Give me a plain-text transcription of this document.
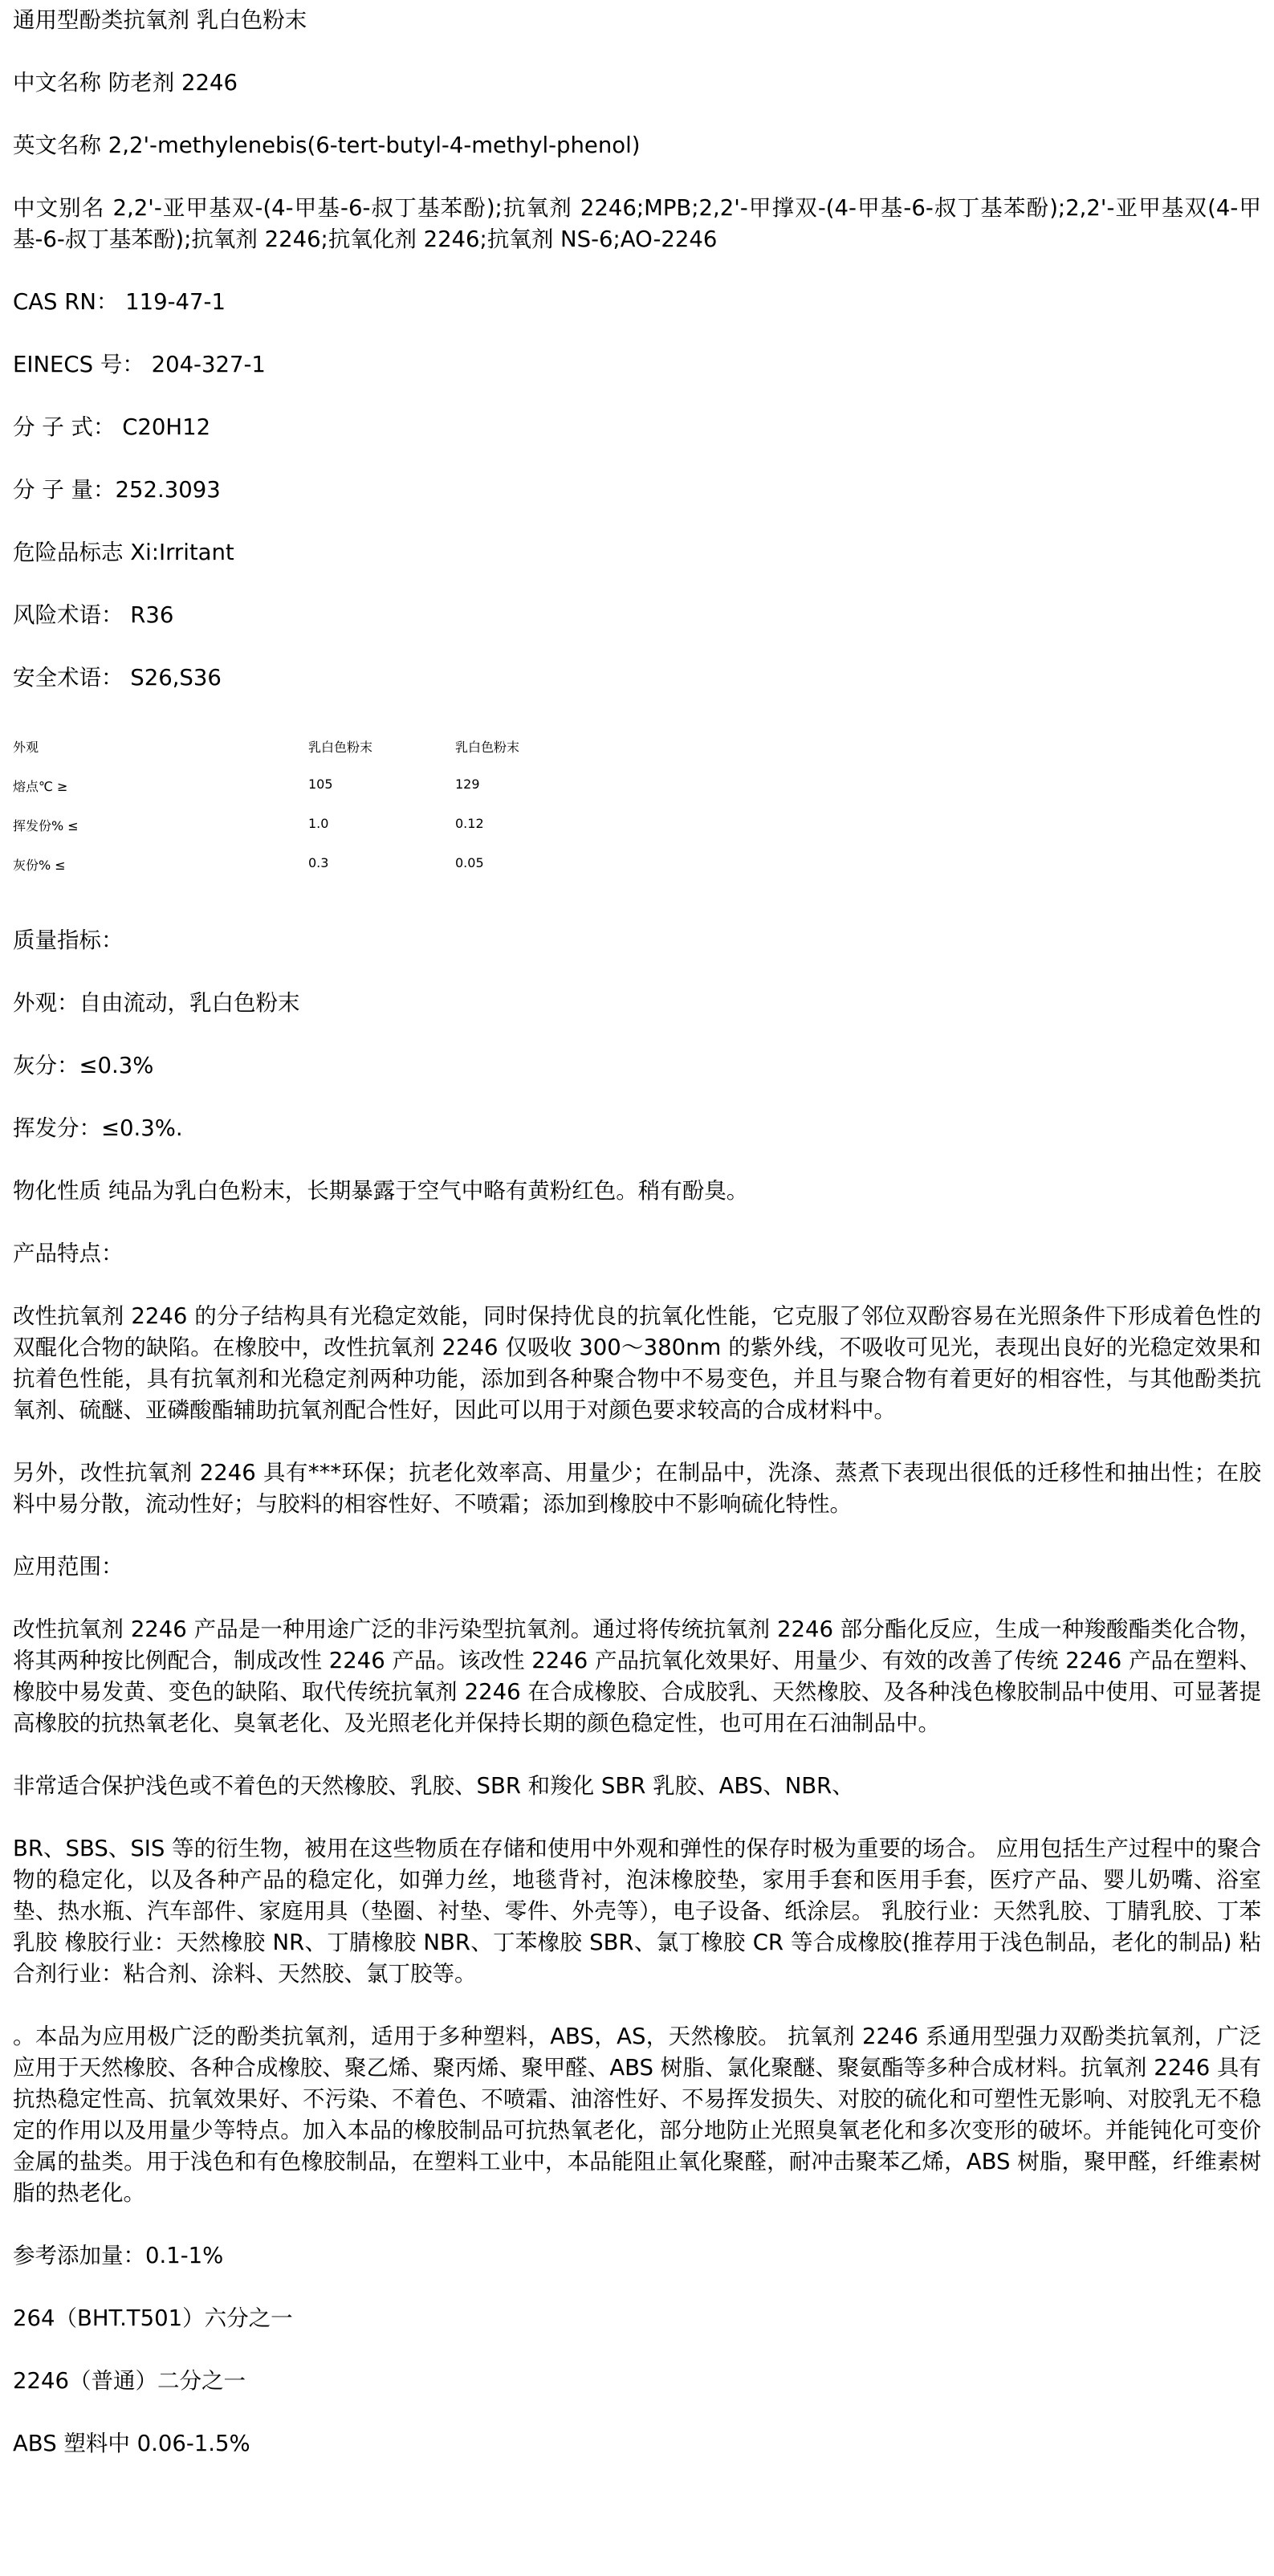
通用型酚类抗氧剂 乳白色粉末

中文名称 防老剂 2246

英文名称 2,2'-methylenebis(6-tert-butyl-4-methyl-phenol)

中文别名 2,2'-亚甲基双-(4-甲基-6-叔丁基苯酚);抗氧剂 2246;MPB;2,2'-甲撑双-(4-甲基-6-叔丁基苯酚);2,2'-亚甲基双(4-甲基-6-叔丁基苯酚);抗氧剂 2246;抗氧化剂 2246;抗氧剂 NS-6;AO-2246

CAS RN： 119-47-1

EINECS 号： 204-327-1

分 子 式： C20H12

分 子 量：252.3093

危险品标志 Xi:Irritant

风险术语： R36

安全术语： S26,S36

外观	乳白色粉末	乳白色粉末
熔点℃ ≥	105	129
挥发份% ≤	1.0	0.12
灰份% ≤	0.3	0.05

质量指标：

外观：自由流动，乳白色粉末

灰分：≤0.3%

挥发分：≤0.3%.

物化性质 纯品为乳白色粉末，长期暴露于空气中略有黄粉红色。稍有酚臭。

产品特点：

改性抗氧剂 2246 的分子结构具有光稳定效能，同时保持优良的抗氧化性能，它克服了邻位双酚容易在光照条件下形成着色性的双醌化合物的缺陷。在橡胶中，改性抗氧剂 2246 仅吸收 300～380nm 的紫外线，不吸收可见光，表现出良好的光稳定效果和抗着色性能，具有抗氧剂和光稳定剂两种功能，添加到各种聚合物中不易变色，并且与聚合物有着更好的相容性，与其他酚类抗氧剂、硫醚、亚磷酸酯辅助抗氧剂配合性好，因此可以用于对颜色要求较高的合成材料中。

另外，改性抗氧剂 2246 具有***环保；抗老化效率高、用量少；在制品中，洗涤、蒸煮下表现出很低的迁移性和抽出性；在胶料中易分散，流动性好；与胶料的相容性好、不喷霜；添加到橡胶中不影响硫化特性。

应用范围：

改性抗氧剂 2246 产品是一种用途广泛的非污染型抗氧剂。通过将传统抗氧剂 2246 部分酯化反应，生成一种羧酸酯类化合物，将其两种按比例配合，制成改性 2246 产品。该改性 2246 产品抗氧化效果好、用量少、有效的改善了传统 2246 产品在塑料、橡胶中易发黄、变色的缺陷、取代传统抗氧剂 2246 在合成橡胶、合成胶乳、天然橡胶、及各种浅色橡胶制品中使用、可显著提高橡胶的抗热氧老化、臭氧老化、及光照老化并保持长期的颜色稳定性，也可用在石油制品中。

非常适合保护浅色或不着色的天然橡胶、乳胶、SBR 和羧化 SBR 乳胶、ABS、NBR、

BR、SBS、SIS 等的衍生物，被用在这些物质在存储和使用中外观和弹性的保存时极为重要的场合。 应用包括生产过程中的聚合物的稳定化，以及各种产品的稳定化，如弹力丝，地毯背衬，泡沫橡胶垫，家用手套和医用手套，医疗产品、婴儿奶嘴、浴室垫、热水瓶、汽车部件、家庭用具（垫圈、衬垫、零件、外壳等），电子设备、纸涂层。 乳胶行业：天然乳胶、丁腈乳胶、丁苯乳胶 橡胶行业：天然橡胶 NR、丁腈橡胶 NBR、丁苯橡胶 SBR、氯丁橡胶 CR 等合成橡胶(推荐用于浅色制品，老化的制品) 粘合剂行业：粘合剂、涂料、天然胶、氯丁胶等。

。本品为应用极广泛的酚类抗氧剂，适用于多种塑料，ABS，AS，天然橡胶。 抗氧剂 2246 系通用型强力双酚类抗氧剂，广泛应用于天然橡胶、各种合成橡胶、聚乙烯、聚丙烯、聚甲醛、ABS 树脂、氯化聚醚、聚氨酯等多种合成材料。抗氧剂 2246 具有抗热稳定性高、抗氧效果好、不污染、不着色、不喷霜、油溶性好、不易挥发损失、对胶的硫化和可塑性无影响、对胶乳无不稳定的作用以及用量少等特点。加入本品的橡胶制品可抗热氧老化，部分地防止光照臭氧老化和多次变形的破坏。并能钝化可变价金属的盐类。用于浅色和有色橡胶制品，在塑料工业中，本品能阻止氧化聚醛，耐冲击聚苯乙烯，ABS 树脂，聚甲醛，纤维素树脂的热老化。

参考添加量：0.1-1%

264（BHT.T501）六分之一

2246（普通）二分之一

ABS 塑料中 0.06-1.5%
